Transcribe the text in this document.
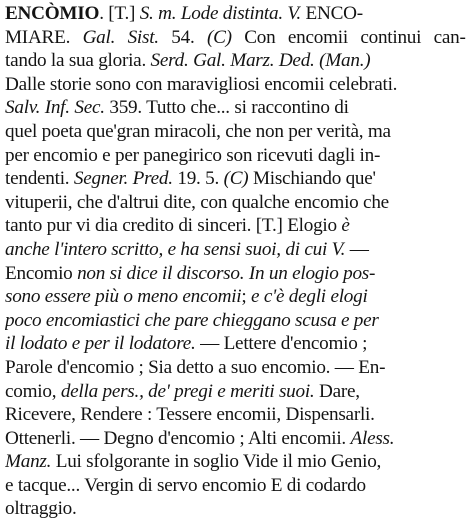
ENCÒMIO. [T.] S. m. Lode distinta. V. ENCO-
MIARE. Gal. Sist. 54. (C) Con encomii continui can-
tando la sua gloria. Serd. Gal. Marz. Ded. (Man.)
Dalle storie sono con maravigliosi encomii celebrati.
Salv. Inf. Sec. 359. Tutto che... si raccontino di
quel poeta que'gran miracoli, che non per verità, ma
per encomio e per panegirico son ricevuti dagli in-
tendenti. Segner. Pred. 19. 5. (C) Mischiando que'
vituperii, che d'altrui dite, con qualche encomio che
tanto pur vi dia credito di sinceri. [T.] Elogio è
anche l'intero scritto, e ha sensi suoi, di cui V. —
Encomio non si dice il discorso. In un elogio pos-
sono essere più o meno encomii; e c'è degli elogi
poco encomiastici che pare chieggano scusa e per
il lodato e per il lodatore. — Lettere d'encomio ;
Parole d'encomio ; Sia detto a suo encomio. — En-
comio, della pers., de' pregi e meriti suoi. Dare,
Ricevere, Rendere : Tessere encomii, Dispensarli.
Ottenerli. — Degno d'encomio ; Alti encomii. Aless.
Manz. Lui sfolgorante in soglio Vide il mio Genio,
e tacque... Vergin di servo encomio E di codardo
oltraggio.
